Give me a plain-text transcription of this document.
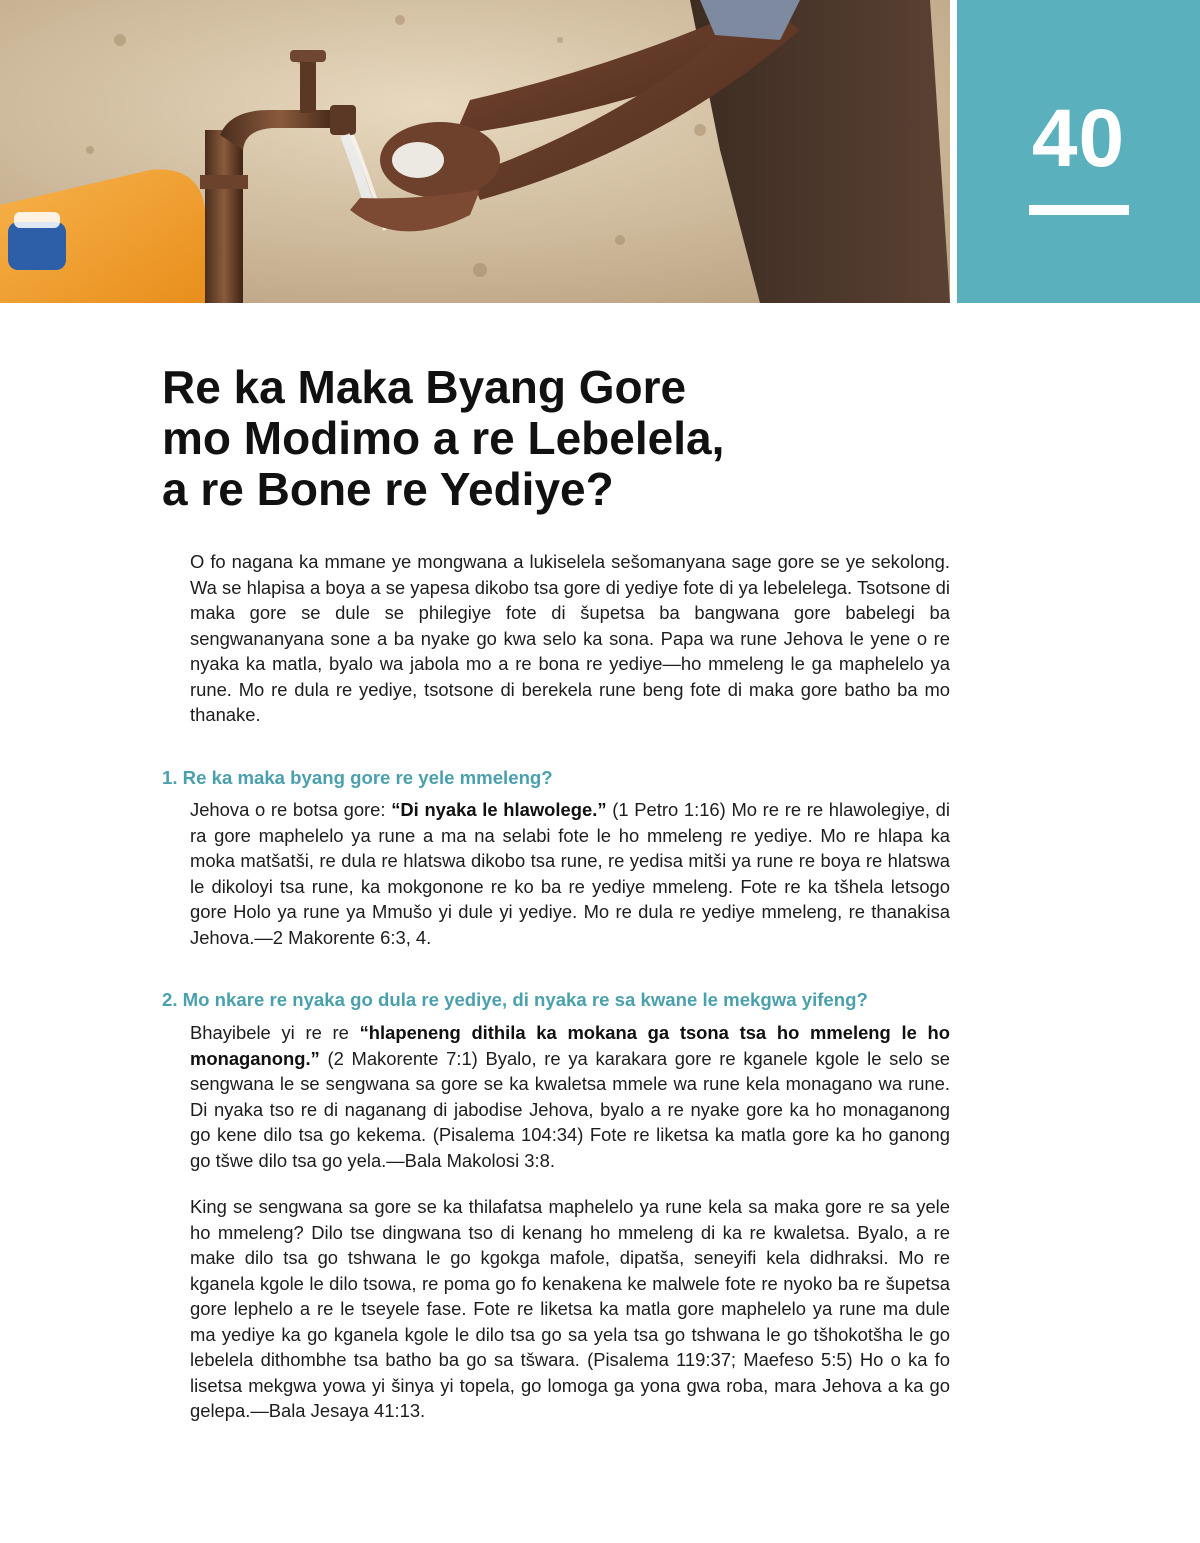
40
Re ka Maka Byang Gore
mo Modimo a re Lebelela,
a re Bone re Yediye?

O fo nagana ka mmane ye mongwana a lukiselela sešomanyana sage gore se ye sekolong. Wa se hlapisa a boya a se yapesa dikobo tsa gore di yediye fote di ya lebelelega. Tsotsone di maka gore se dule se philegiye fote di šupetsa ba bangwana gore babelegi ba sengwananyana sone a ba nyake go kwa selo ka sona. Papa wa rune Jehova le yene o re nyaka ka matla, byalo wa jabola mo a re bona re yediye—ho mmeleng le ga maphelelo ya rune. Mo re dula re yediye, tsotsone di berekela rune beng fote di maka gore batho ba mo thanake.

1. Re ka maka byang gore re yele mmeleng?

Jehova o re botsa gore: “Di nyaka le hlawolege.” (1 Petro 1:16) Mo re re re hlawolegiye, di ra gore maphelelo ya rune a ma na selabi fote le ho mmeleng re yediye. Mo re hlapa ka moka matšatši, re dula re hlatswa dikobo tsa rune, re yedisa mitši ya rune re boya re hlatswa le dikoloyi tsa rune, ka mokgonone re ko ba re yediye mmeleng. Fote re ka tšhela letsogo gore Holo ya rune ya Mmušo yi dule yi yediye. Mo re dula re yediye mmeleng, re thanakisa Jehova.—2 Makorente 6:3, 4.

2. Mo nkare re nyaka go dula re yediye, di nyaka re sa kwane le mekgwa yifeng?

Bhayibele yi re re “hlapeneng dithila ka mokana ga tsona tsa ho mmeleng le ho monaganong.” (2 Makorente 7:1) Byalo, re ya karakara gore re kganele kgole le selo se sengwana le se sengwana sa gore se ka kwaletsa mmele wa rune kela monagano wa rune. Di nyaka tso re di naganang di jabodise Jehova, byalo a re nyake gore ka ho monaganong go kene dilo tsa go kekema. (Pisalema 104:34) Fote re liketsa ka matla gore ka ho ganong go tšwe dilo tsa go yela.—Bala Makolosi 3:8.

King se sengwana sa gore se ka thilafatsa maphelelo ya rune kela sa maka gore re sa yele ho mmeleng? Dilo tse dingwana tso di kenang ho mmeleng di ka re kwaletsa. Byalo, a re make dilo tsa go tshwana le go kgokga mafole, dipatša, seneyifi kela didhraksi. Mo re kganela kgole le dilo tsowa, re poma go fo kenakena ke malwele fote re nyoko ba re šupetsa gore lephelo a re le tseyele fase. Fote re liketsa ka matla gore maphelelo ya rune ma dule ma yediye ka go kganela kgole le dilo tsa go sa yela tsa go tshwana le go tšhokotšha le go lebelela dithombhe tsa batho ba go sa tšwara. (Pisalema 119:37; Maefeso 5:5) Ho o ka fo lisetsa mekgwa yowa yi šinya yi topela, go lomoga ga yona gwa roba, mara Jehova a ka go gelepa.—Bala Jesaya 41:13.
